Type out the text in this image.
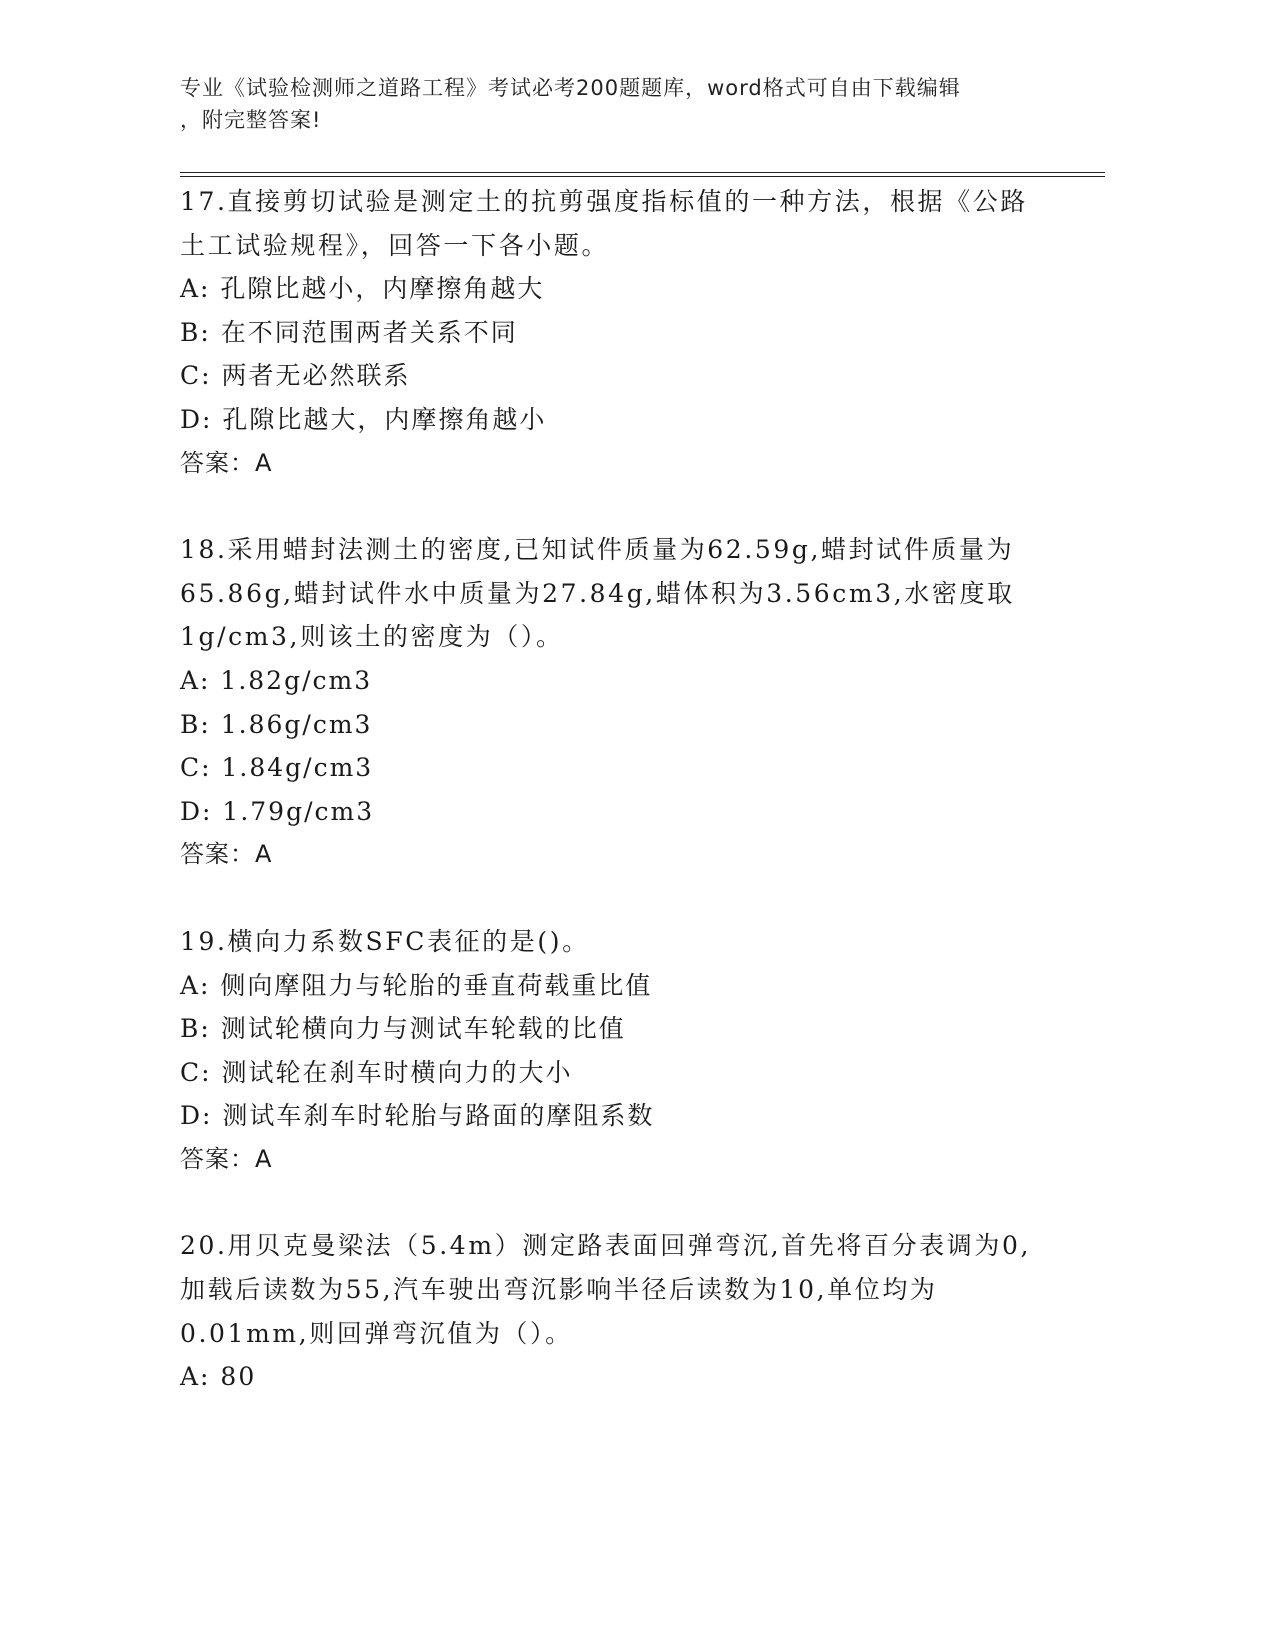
专业《试验检测师之道路工程》考试必考200题题库，word格式可自由下载编辑
，附完整答案!
17.直接剪切试验是测定土的抗剪强度指标值的一种方法，根据《公路
土工试验规程》，回答一下各小题。
A: 孔隙比越小，内摩擦角越大
B: 在不同范围两者关系不同
C: 两者无必然联系
D: 孔隙比越大，内摩擦角越小
答案：A
18.采用蜡封法测土的密度,已知试件质量为62.59g,蜡封试件质量为
65.86g,蜡封试件水中质量为27.84g,蜡体积为3.56cm3,水密度取
1g/cm3,则该土的密度为（）。
A: 1.82g/cm3
B: 1.86g/cm3
C: 1.84g/cm3
D: 1.79g/cm3
答案：A
19.横向力系数SFC表征的是()。
A: 侧向摩阻力与轮胎的垂直荷载重比值
B: 测试轮横向力与测试车轮载的比值
C: 测试轮在刹车时横向力的大小
D: 测试车刹车时轮胎与路面的摩阻系数
答案：A
20.用贝克曼梁法（5.4m）测定路表面回弹弯沉,首先将百分表调为0,
加载后读数为55,汽车驶出弯沉影响半径后读数为10,单位均为
0.01mm,则回弹弯沉值为（）。
A: 80
